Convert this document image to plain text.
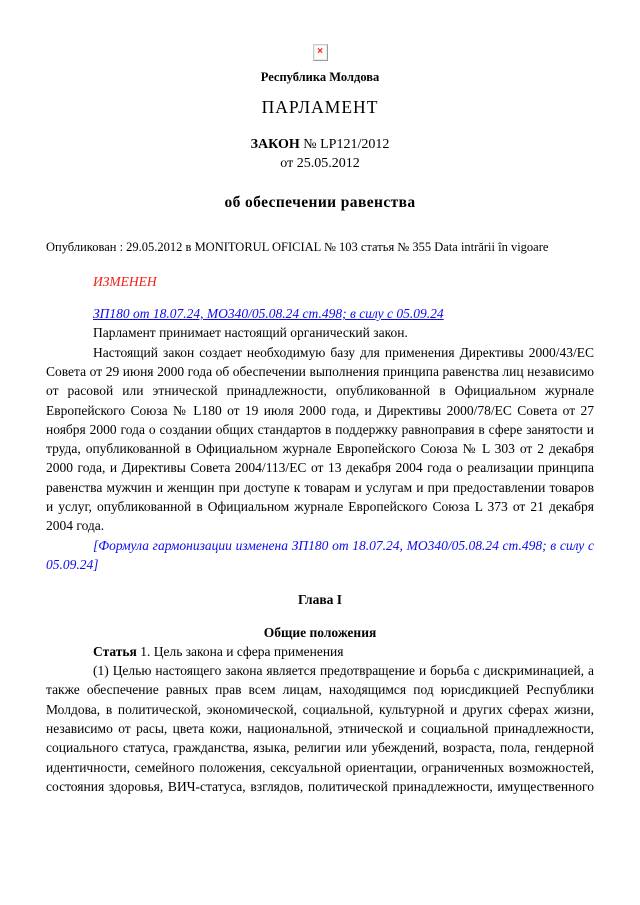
×
Республика Молдова
ПАРЛАМЕНТ
ЗАКОН № LP121/2012
от 25.05.2012
об обеспечении равенства
Опубликован : 29.05.2012 в MONITORUL OFICIAL № 103 статья № 355 Data intrării în vigoare
ИЗМЕНЕН
ЗП180 от 18.07.24, МО340/05.08.24 ст.498; в силу с 05.09.24

Парламент принимает настоящий органический закон.

Настоящий закон создает необходимую базу для применения Директивы 2000/43/ЕС Совета от 29 июня 2000 года об обеспечении выполнения принципа равенства лиц независимо от расовой или этнической принадлежности, опубликованной в Официальном журнале Европейского Союза № L180 от 19 июля 2000 года, и Директивы 2000/78/ЕС Совета от 27 ноября 2000 года о создании общих стандартов в поддержку равноправия в сфере занятости и труда, опубликованной в Официальном журнале Европейского Союза № L 303 от 2 декабря 2000 года, и Директивы Совета 2004/113/ЕС от 13 декабря 2004 года о реализации принципа равенства мужчин и женщин при доступе к товарам и услугам и при предоставлении товаров и услуг, опубликованной в Официальном журнале Европейского Союза L 373 от 21 декабря 2004 года.

[Формула гармонизации изменена ЗП180 от 18.07.24, МО340/05.08.24 ст.498; в силу с 05.09.24]

Глава I
Общие положения

Статья 1. Цель закона и сфера применения

(1) Целью настоящего закона является предотвращение и борьба с дискриминацией, а также обеспечение равных прав всем лицам, находящимся под юрисдикцией Республики Молдова, в политической, экономической, социальной, культурной и других сферах жизни, независимо от расы, цвета кожи, национальной, этнической и социальной принадлежности, социального статуса, гражданства, языка, религии или убеждений, возраста, пола, гендерной идентичности, семейного положения, сексуальной ориентации, ограниченных возможностей, состояния здоровья, ВИЧ-статуса, взглядов, политической принадлежности, имущественного
